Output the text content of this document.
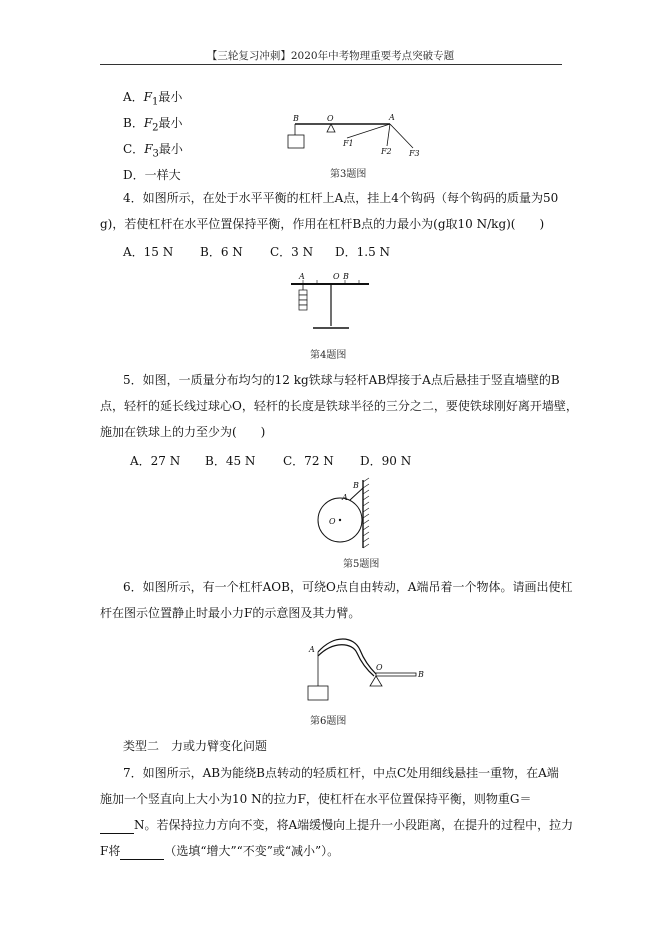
【三轮复习冲刺】2020年中考物理重要考点突破专题
A．$F_1$最小
B．$F_2$最小
C．$F_3$最小
D．一样大
B	O	A
F1
F2 F3
第3题图
4．如图所示，在处于水平平衡的杠杆上A点，挂上4个钩码（每个钩码的质量为50
g)，若使杠杆在水平位置保持平衡，作用在杠杆B点的力最小为(g取10 N/kg)(　　)
A．15 N B．6 N C．3 N D．1.5 N
A	O B
第4题图
5．如图，一质量分布均匀的12 kg铁球与轻杆AB焊接于A点后悬挂于竖直墙壁的B
点，轻杆的延长线过球心O，轻杆的长度是铁球半径的三分之二，要使铁球刚好离开墙壁，
施加在铁球上的力至少为(　　)
A．27 N B．45 N C．72 N D．90 N
A
B
O
第5题图
6．如图所示，有一个杠杆AOB，可绕O点自由转动，A端吊着一个物体。请画出使杠
杆在图示位置静止时最小力F的示意图及其力臂。
A
O
B
第6题图
类型二　力或力臂变化问题
7．如图所示，AB为能绕B点转动的轻质杠杆，中点C处用细线悬挂一重物，在A端
施加一个竖直向上大小为10 N的拉力F，使杠杆在水平位置保持平衡，则物重G＝
N。若保持拉力方向不变，将A端缓慢向上提升一小段距离，在提升的过程中，拉力
F将	（选填“增大”“不变”或“减小”）。
